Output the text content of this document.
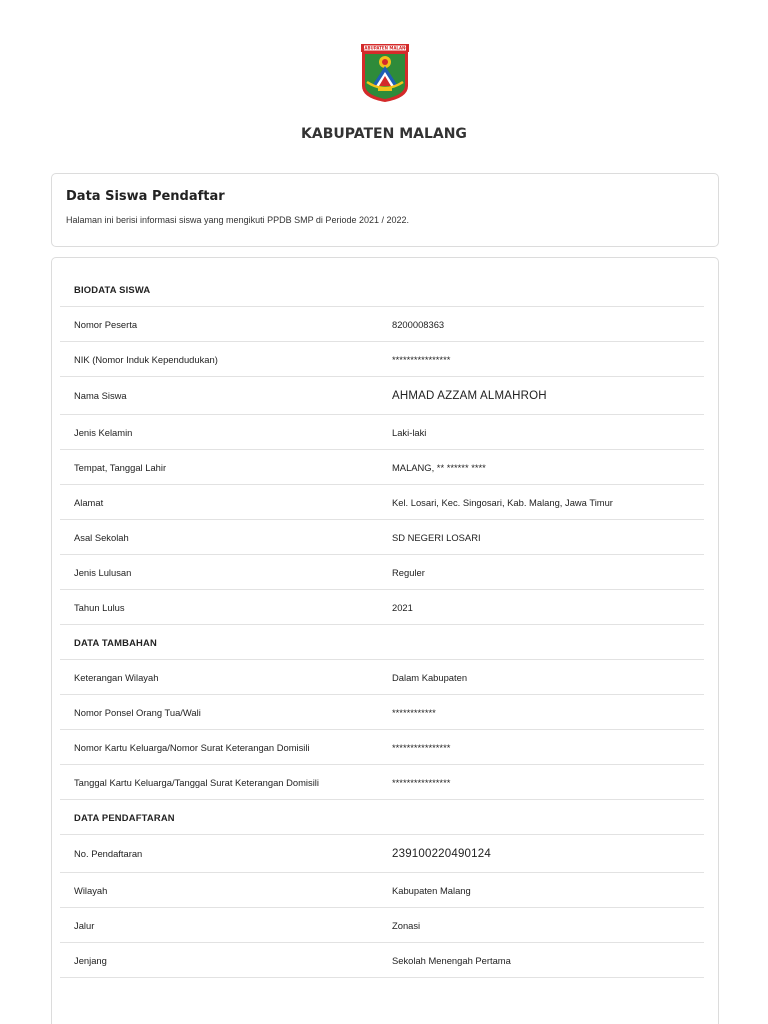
KABUPATEN MALANG
KABUPATEN MALANG
Data Siswa Pendaftar
Halaman ini berisi informasi siswa yang mengikuti PPDB SMP di Periode 2021 / 2022.
BIODATA SISWA
Nomor Peserta	8200008363
NIK (Nomor Induk Kependudukan)	****************
Nama Siswa	AHMAD AZZAM ALMAHROH
Jenis Kelamin	Laki-laki
Tempat, Tanggal Lahir	MALANG, ** ****** ****
Alamat	Kel. Losari, Kec. Singosari, Kab. Malang, Jawa Timur
Asal Sekolah	SD NEGERI LOSARI
Jenis Lulusan	Reguler
Tahun Lulus	2021
DATA TAMBAHAN
Keterangan Wilayah	Dalam Kabupaten
Nomor Ponsel Orang Tua/Wali	************
Nomor Kartu Keluarga/Nomor Surat Keterangan Domisili	****************
Tanggal Kartu Keluarga/Tanggal Surat Keterangan Domisili	****************
DATA PENDAFTARAN
No. Pendaftaran	239100220490124
Wilayah	Kabupaten Malang
Jalur	Zonasi
Jenjang	Sekolah Menengah Pertama
